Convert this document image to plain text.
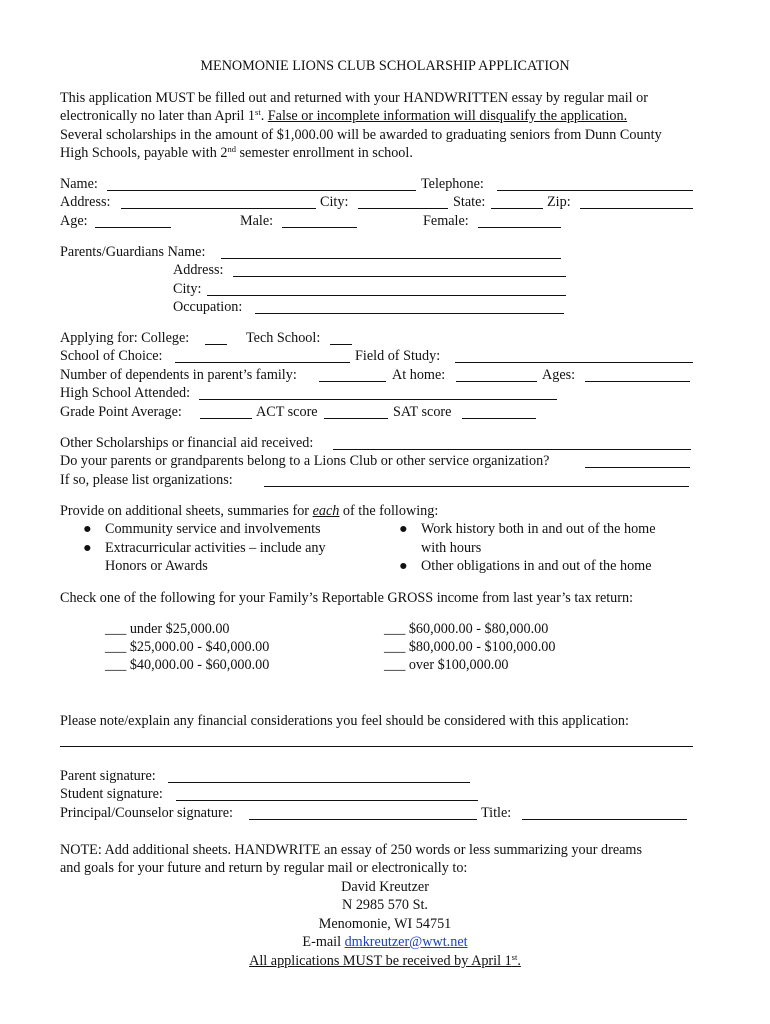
MENOMONIE LIONS CLUB SCHOLARSHIP APPLICATION
This application MUST be filled out and returned with your HANDWRITTEN essay by regular mail or
electronically no later than April 1st. False or incomplete information will disqualify the application.
Several scholarships in the amount of $1,000.00 will be awarded to graduating seniors from Dunn County
High Schools, payable with 2nd semester enrollment in school.
Name:	Telephone:
Address:	City:	State:	Zip:
Age:	Male:	Female:
Parents/Guardians Name:
Address:
City:
Occupation:
Applying for: College:	Tech School:
School of Choice:	Field of Study:
Number of dependents in parent’s family:	At home:	Ages:
High School Attended:
Grade Point Average:	ACT score	SAT score
Other Scholarships or financial aid received:
Do your parents or grandparents belong to a Lions Club or other service organization?
If so, please list organizations:
Provide on additional sheets, summaries for each of the following:
● Community service and involvements
● Extracurricular activities – include any
Honors or Awards
● Work history both in and out of the home
with hours
● Other obligations in and out of the home
Check one of the following for your Family’s Reportable GROSS income from last year’s tax return:
___ under $25,000.00
___ $25,000.00 - $40,000.00
___ $40,000.00 - $60,000.00
___ $60,000.00 - $80,000.00
___ $80,000.00 - $100,000.00
___ over $100,000.00
Please note/explain any financial considerations you feel should be considered with this application:
Parent signature:
Student signature:
Principal/Counselor signature:	Title:
NOTE: Add additional sheets. HANDWRITE an essay of 250 words or less summarizing your dreams
and goals for your future and return by regular mail or electronically to:
David Kreutzer
N 2985 570 St.
Menomonie, WI 54751
E-mail dmkreutzer@wwt.net
All applications MUST be received by April 1st.
